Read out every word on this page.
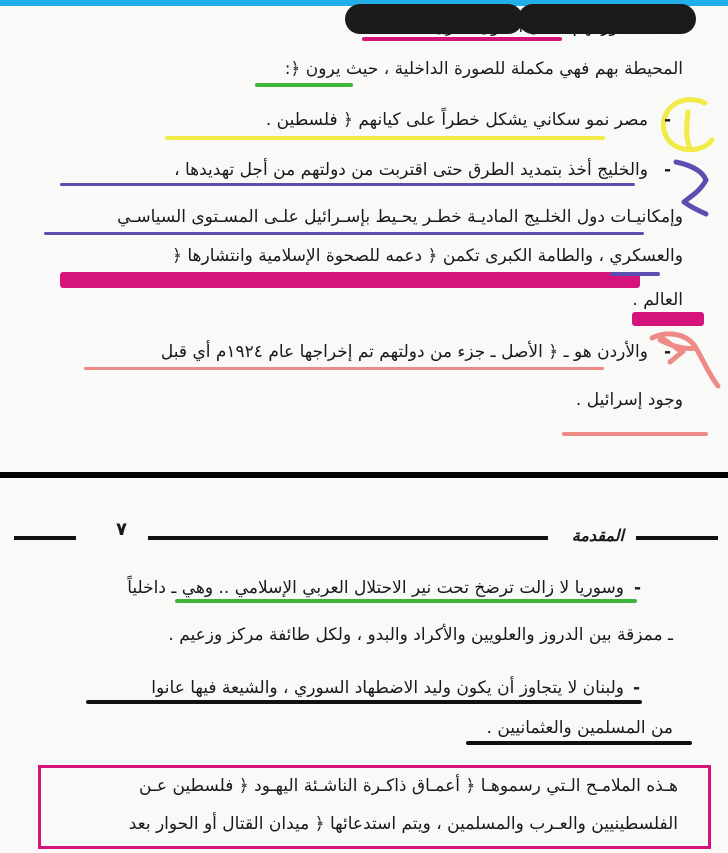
، أمـا تصـوراتهم لحـال الـدول العربيـة
المحيطة بهم فهي مكملة للصورة الداخلية ، حيث يرون ﴿:
-
مصر نمو سكاني يشكل خطراً على كيانهم ﴿ فلسطين .
-
والخليج أخذ بتمديد الطرق حتى اقتربت من دولتهم من أجل تهديدها ،
وإمكانيـات دول الخلـيج الماديـة خطـر يحـيط بإسـرائيل علـى المسـتوى السياسـي
والعسكري ، والطامة الكبرى تكمن ﴿ دعمه للصحوة الإسلامية وانتشارها ﴿
العالم .
-
والأردن هو ـ ﴿ الأصل ـ جزء من دولتهم تم إخراجها عام ١٩٢٤م أي قبل
وجود إسرائيل .
٧	المقدمة
-
وسوريا لا زالت ترضخ تحت نير الاحتلال العربي الإسلامي .. وهي ـ داخلياً
ـ ممزقة بين الدروز والعلويين والأكراد والبدو ، ولكل طائفة مركز وزعيم .
-
ولبنان لا يتجاوز أن يكون وليد الاضطهاد السوري ، والشيعة فيها عانوا
من المسلمين والعثمانيين .
هـذه الملامـح الـتي رسموهـا ﴿ أعمـاق ذاكـرة الناشـئة اليهـود ﴿ فلسطين عـن
الفلسطينيين والعـرب والمسلمين ، ويتم استدعائها ﴿ ميدان القتال أو الحوار بعد
